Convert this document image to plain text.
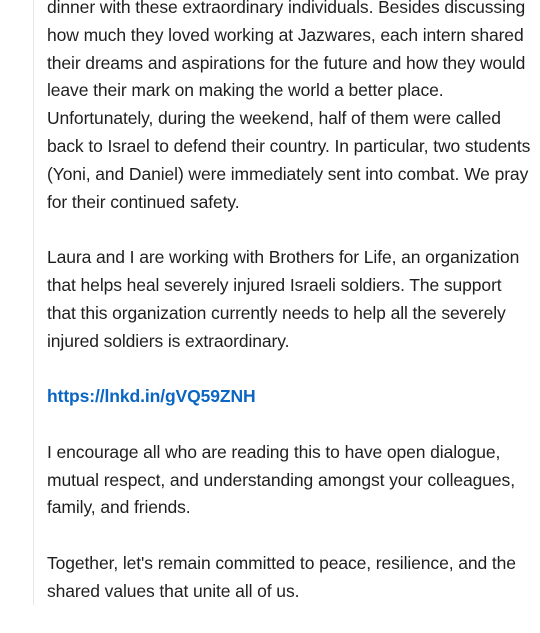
dinner with these extraordinary individuals. Besides discussing how much they loved working at Jazwares, each intern shared their dreams and aspirations for the future and how they would leave their mark on making the world a better place. Unfortunately, during the weekend, half of them were called back to Israel to defend their country. In particular, two students (Yoni, and Daniel) were immediately sent into combat. We pray for their continued safety.

Laura and I are working with Brothers for Life, an organization that helps heal severely injured Israeli soldiers. The support that this organization currently needs to help all the severely injured soldiers is extraordinary.

https://lnkd.in/gVQ59ZNH

I encourage all who are reading this to have open dialogue, mutual respect, and understanding amongst your colleagues, family, and friends.

Together, let's remain committed to peace, resilience, and the shared values that unite all of us.
